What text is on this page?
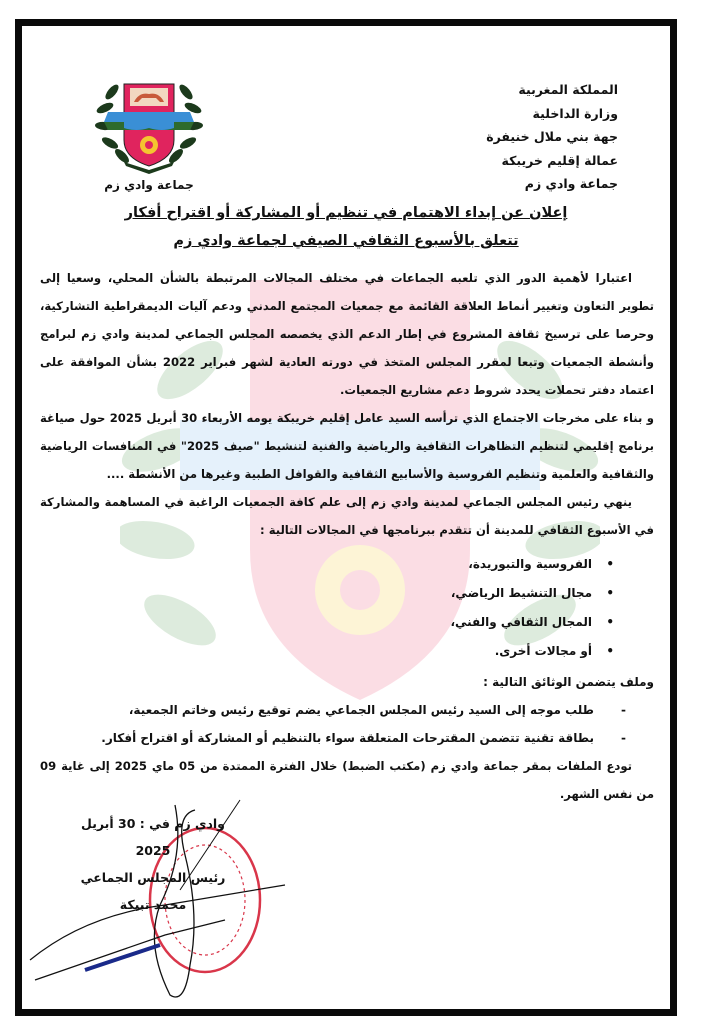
المملكة المغربية
وزارة الداخلية
جهة بني ملال خنيفرة
عمالة إقليم خريبكة
جماعة وادي زم
جماعة وادي زم
إعلان عن إبداء الاهتمام في تنظيم أو المشاركة أو اقتراح أفكار
تتعلق بالأسبوع الثقافي الصيفي لجماعة وادي زم

اعتبارا لأهمية الدور الذي تلعبه الجماعات في مختلف المجالات المرتبطة بالشأن المحلي، وسعيا إلى تطوير التعاون وتغيير أنماط العلاقة القائمة مع جمعيات المجتمع المدني ودعم آليات الديمقراطية التشاركية، وحرصا على ترسيخ ثقافة المشروع في إطار الدعم الذي يخصصه المجلس الجماعي لمدينة وادي زم لبرامج وأنشطة الجمعيات وتبعا لمقرر المجلس المتخذ في دورته العادية لشهر فبراير 2022 بشأن الموافقة على اعتماد دفتر تحملات يحدد شروط دعم مشاريع الجمعيات.

و بناء على مخرجات الاجتماع الذي ترأسه السيد عامل إقليم خريبكة يومه الأربعاء 30 أبريل 2025 حول صياغة برنامج إقليمي لتنظيم التظاهرات الثقافية والرياضية والفنية لتنشيط "صيف 2025" في المنافسات الرياضية والثقافية والعلمية وتنظيم الفروسية والأسابيع الثقافية والقوافل الطبية وغيرها من الأنشطة ....

ينهي رئيس المجلس الجماعي لمدينة وادي زم إلى علم كافة الجمعيات الراغبة في المساهمة والمشاركة في الأسبوع الثقافي للمدينة أن تتقدم ببرنامجها في المجالات التالية :

• الفروسية والتبوريدة،
• مجال التنشيط الرياضي،
• المجال الثقافي والفني،
• أو مجالات أخرى.
وملف يتضمن الوثائق التالية :
- طلب موجه إلى السيد رئيس المجلس الجماعي يضم توقيع رئيس وخاتم الجمعية،
- بطاقة تقنية تتضمن المقترحات المتعلقة سواء بالتنظيم أو المشاركة أو اقتراح أفكار.

تودع الملفات بمقر جماعة وادي زم (مكتب الضبط) خلال الفترة الممتدة من 05 ماي 2025 إلى غاية 09 من نفس الشهر.

وادي زم في : 30 أبريل 2025
رئيس المجلس الجماعي
محمد تبيكة
